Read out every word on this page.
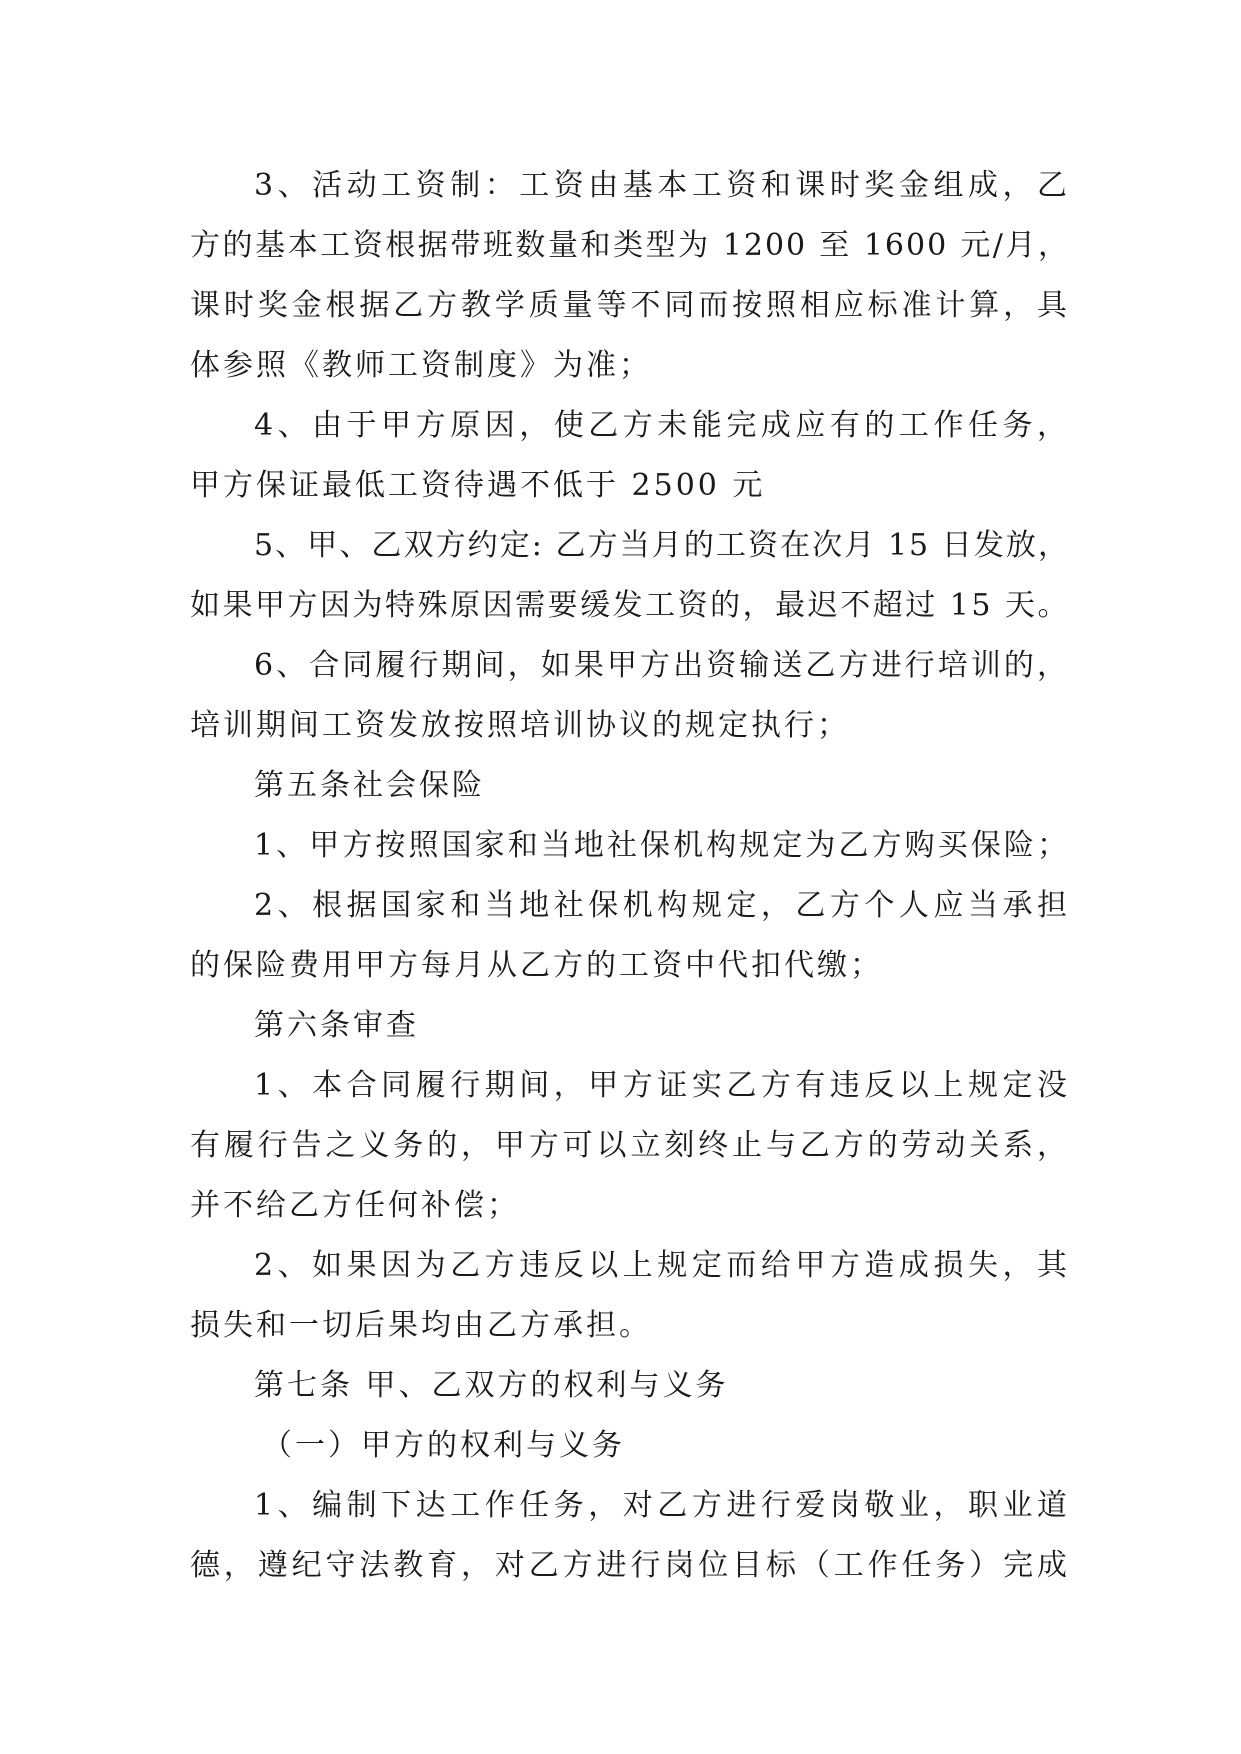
3、活动工资制：工资由基本工资和课时奖金组成，乙
方的基本工资根据带班数量和类型为 1200 至 1600 元/月，
课时奖金根据乙方教学质量等不同而按照相应标准计算，具
体参照《教师工资制度》为准；
4、由于甲方原因，使乙方未能完成应有的工作任务，
甲方保证最低工资待遇不低于 2500 元
5、甲、乙双方约定: 乙方当月的工资在次月 15 日发放，
如果甲方因为特殊原因需要缓发工资的，最迟不超过 15 天。
6、合同履行期间，如果甲方出资输送乙方进行培训的，
培训期间工资发放按照培训协议的规定执行；
第五条社会保险
1、甲方按照国家和当地社保机构规定为乙方购买保险；
2、根据国家和当地社保机构规定，乙方个人应当承担
的保险费用甲方每月从乙方的工资中代扣代缴；
第六条审查
1、本合同履行期间，甲方证实乙方有违反以上规定没
有履行告之义务的，甲方可以立刻终止与乙方的劳动关系，
并不给乙方任何补偿；
2、如果因为乙方违反以上规定而给甲方造成损失，其
损失和一切后果均由乙方承担。
第七条 甲、乙双方的权利与义务
（一）甲方的权利与义务
1、编制下达工作任务，对乙方进行爱岗敬业，职业道
德，遵纪守法教育，对乙方进行岗位目标（工作任务）完成
